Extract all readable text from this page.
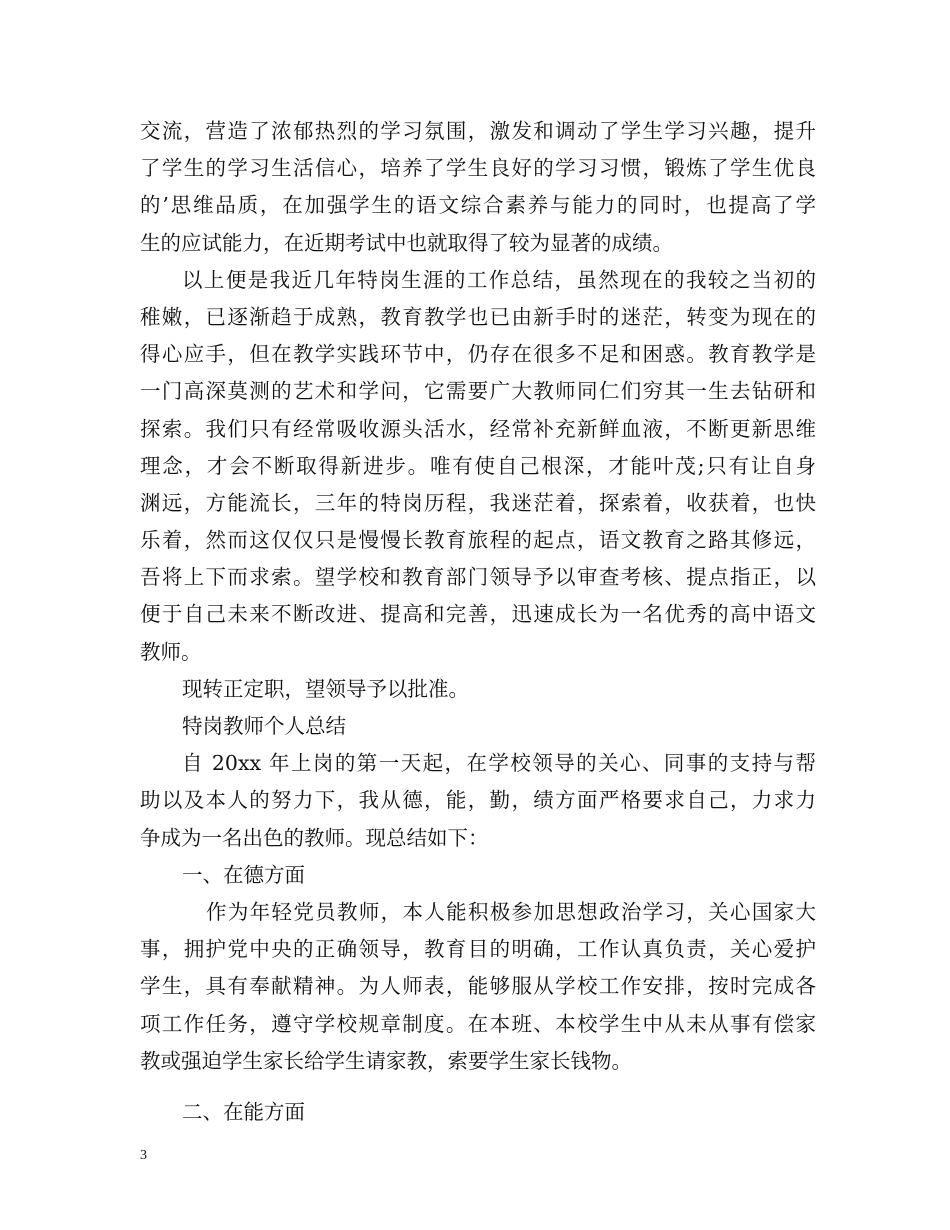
交流，营造了浓郁热烈的学习氛围，激发和调动了学生学习兴趣，提升
了学生的学习生活信心，培养了学生良好的学习习惯，锻炼了学生优良
的’思维品质，在加强学生的语文综合素养与能力的同时，也提高了学
生的应试能力，在近期考试中也就取得了较为显著的成绩。
以上便是我近几年特岗生涯的工作总结，虽然现在的我较之当初的
稚嫩，已逐渐趋于成熟，教育教学也已由新手时的迷茫，转变为现在的
得心应手，但在教学实践环节中，仍存在很多不足和困惑。教育教学是
一门高深莫测的艺术和学问，它需要广大教师同仁们穷其一生去钻研和
探索。我们只有经常吸收源头活水，经常补充新鲜血液，不断更新思维
理念，才会不断取得新进步。唯有使自己根深，才能叶茂;只有让自身
渊远，方能流长，三年的特岗历程，我迷茫着，探索着，收获着，也快
乐着，然而这仅仅只是慢慢长教育旅程的起点，语文教育之路其修远，
吾将上下而求索。望学校和教育部门领导予以审查考核、提点指正，以
便于自己未来不断改进、提高和完善，迅速成长为一名优秀的高中语文
教师。
现转正定职，望领导予以批准。
特岗教师个人总结
自 20xx 年上岗的第一天起，在学校领导的关心、同事的支持与帮
助以及本人的努力下，我从德，能，勤，绩方面严格要求自己，力求力
争成为一名出色的教师。现总结如下：
一、在德方面
作为年轻党员教师，本人能积极参加思想政治学习，关心国家大
事，拥护党中央的正确领导，教育目的明确，工作认真负责，关心爱护
学生，具有奉献精神。为人师表，能够服从学校工作安排，按时完成各
项工作任务，遵守学校规章制度。在本班、本校学生中从未从事有偿家
教或强迫学生家长给学生请家教，索要学生家长钱物。
二、在能方面
3
